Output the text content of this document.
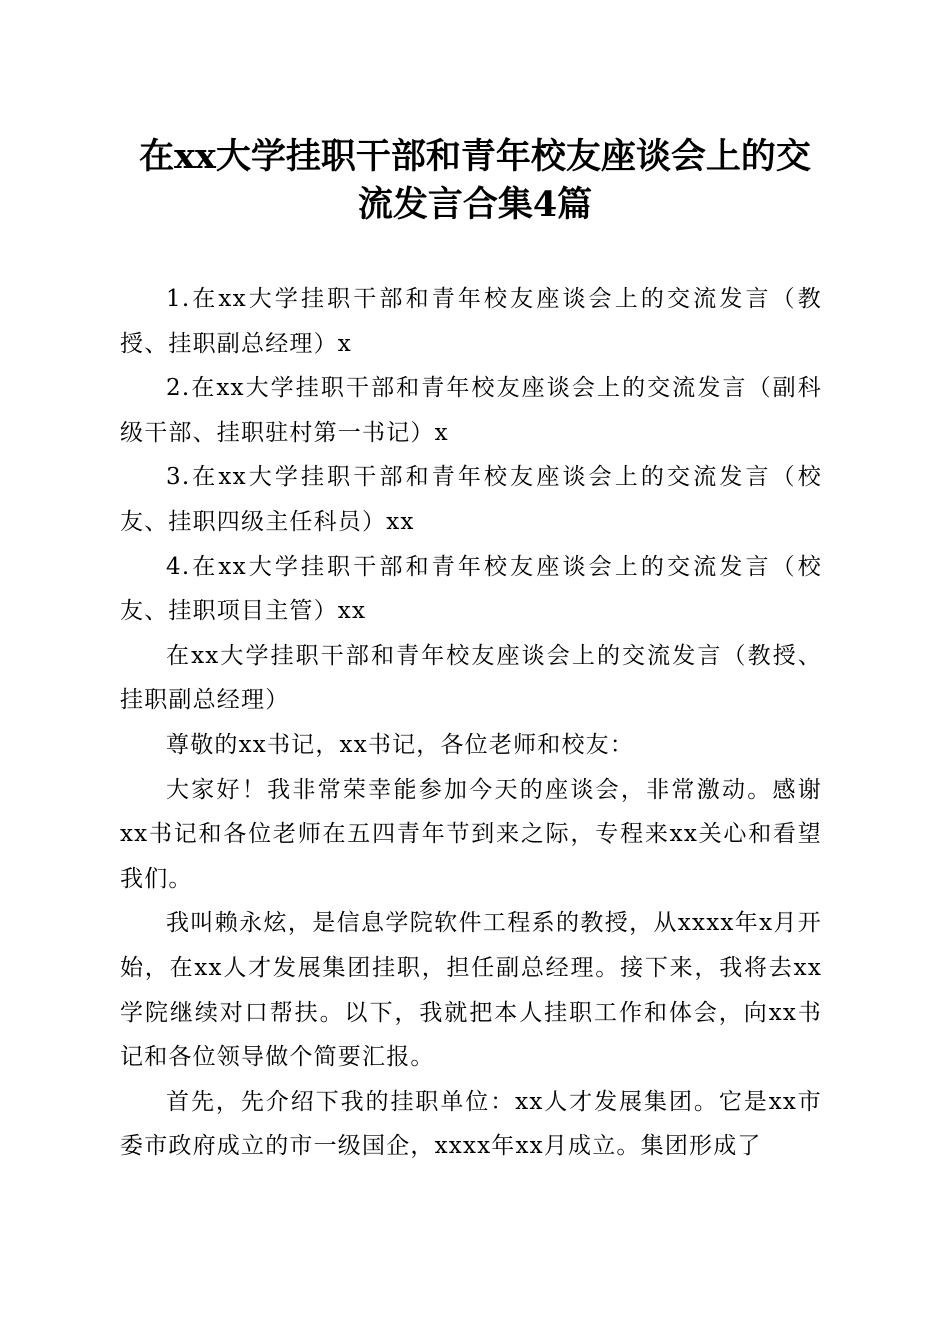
在xx大学挂职干部和青年校友座谈会上的交
流发言合集4篇

1.在xx大学挂职干部和青年校友座谈会上的交流发言（教授、挂职副总经理）x

2.在xx大学挂职干部和青年校友座谈会上的交流发言（副科级干部、挂职驻村第一书记）x

3.在xx大学挂职干部和青年校友座谈会上的交流发言（校友、挂职四级主任科员）xx

4.在xx大学挂职干部和青年校友座谈会上的交流发言（校友、挂职项目主管）xx

在xx大学挂职干部和青年校友座谈会上的交流发言（教授、挂职副总经理）

尊敬的xx书记，xx书记，各位老师和校友：

大家好！我非常荣幸能参加今天的座谈会，非常激动。感谢xx书记和各位老师在五四青年节到来之际，专程来xx关心和看望我们。

我叫赖永炫，是信息学院软件工程系的教授，从xxxx年x月开始，在xx人才发展集团挂职，担任副总经理。接下来，我将去xx学院继续对口帮扶。以下，我就把本人挂职工作和体会，向xx书记和各位领导做个简要汇报。

首先，先介绍下我的挂职单位：xx人才发展集团。它是xx市委市政府成立的市一级国企，xxxx年xx月成立。集团形成了
